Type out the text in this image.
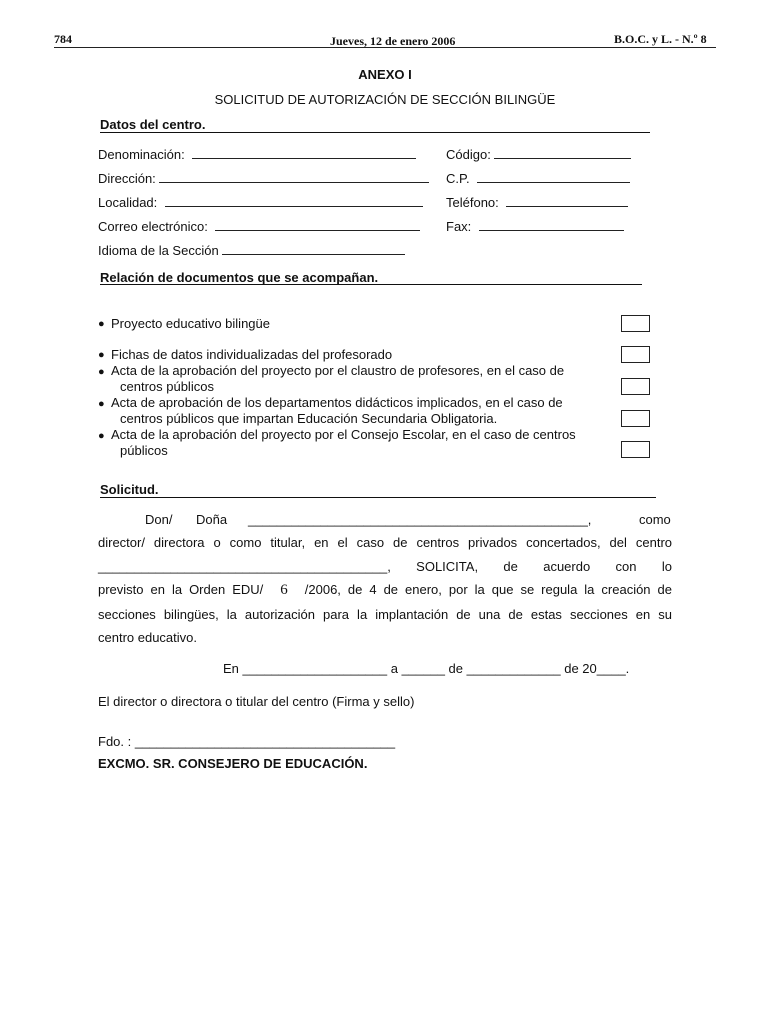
784	Jueves, 12 de enero 2006	B.O.C. y L. - N.º 8
ANEXO I
SOLICITUD DE AUTORIZACIÓN DE SECCIÓN BILINGÜE
Datos del centro.
Denominación:	Código:
Dirección:	C.P.
Localidad:	Teléfono:
Correo electrónico:	Fax:
Idioma de la Sección
Relación de documentos que se acompañan.
● Proyecto educativo bilingüe
● Fichas de datos individualizadas del profesorado
● Acta de la aprobación del proyecto por el claustro de profesores, en el caso de
centros públicos
● Acta de aprobación de los departamentos didácticos implicados, en el caso de
centros públicos que impartan Educación Secundaria Obligatoria.
● Acta de la aprobación del proyecto por el Consejo Escolar, en el caso de centros
públicos
Solicitud.
Don/ Doña _______________________________________________,	como
director/ directora o como titular, en el caso de centros privados concertados, del centro
________________________________________, SOLICITA, de acuerdo con lo
previsto en la Orden EDU/ 6 /2006, de 4 de enero, por la que se regula la creación de
secciones bilingües, la autorización para la implantación de una de estas secciones en su
centro educativo.
En ____________________ a ______ de _____________ de 20____.
El director o directora o titular del centro (Firma y sello)
Fdo. : ____________________________________
EXCMO. SR. CONSEJERO DE EDUCACIÓN.
